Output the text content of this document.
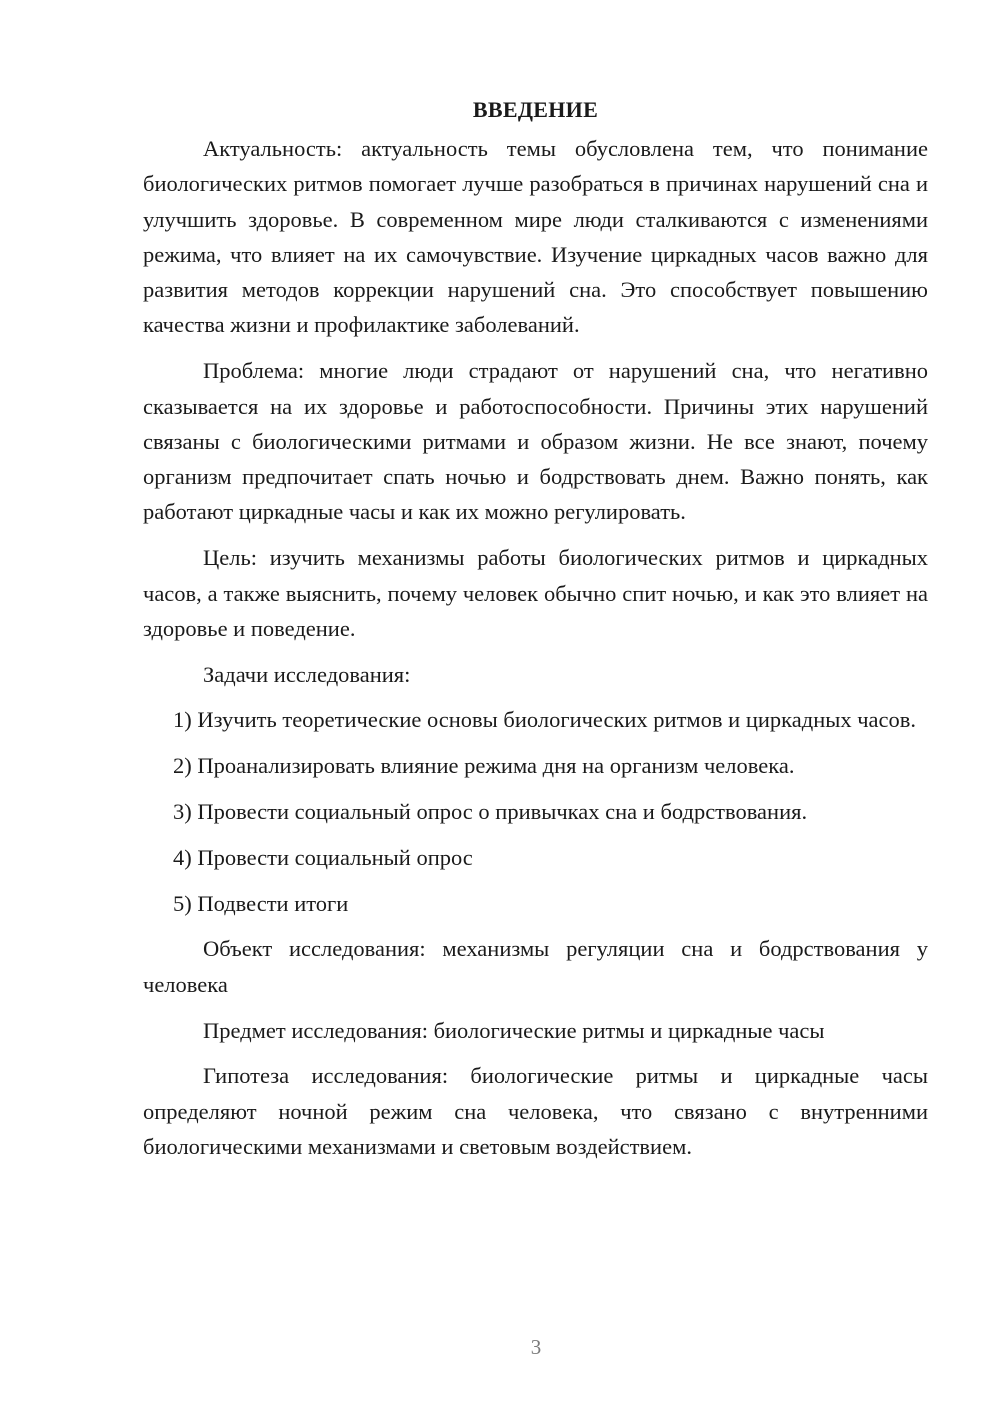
ВВЕДЕНИЕ

Актуальность: актуальность темы обусловлена тем, что понимание биологических ритмов помогает лучше разобраться в причинах нарушений сна и улучшить здоровье. В современном мире люди сталкиваются с изменениями режима, что влияет на их самочувствие. Изучение циркадных часов важно для развития методов коррекции нарушений сна. Это способствует повышению качества жизни и профилактике заболеваний.

Проблема: многие люди страдают от нарушений сна, что негативно сказывается на их здоровье и работоспособности. Причины этих нарушений связаны с биологическими ритмами и образом жизни. Не все знают, почему организм предпочитает спать ночью и бодрствовать днем. Важно понять, как работают циркадные часы и как их можно регулировать.

Цель: изучить механизмы работы биологических ритмов и циркадных часов, а также выяснить, почему человек обычно спит ночью, и как это влияет на здоровье и поведение.

Задачи исследования:

1) Изучить теоретические основы биологических ритмов и циркадных часов.

2) Проанализировать влияние режима дня на организм человека.

3) Провести социальный опрос о привычках сна и бодрствования.

4) Провести социальный опрос

5) Подвести итоги

Объект исследования: механизмы регуляции сна и бодрствования у человека

Предмет исследования: биологические ритмы и циркадные часы

Гипотеза исследования: биологические ритмы и циркадные часы определяют ночной режим сна человека, что связано с внутренними биологическими механизмами и световым воздействием.

3
